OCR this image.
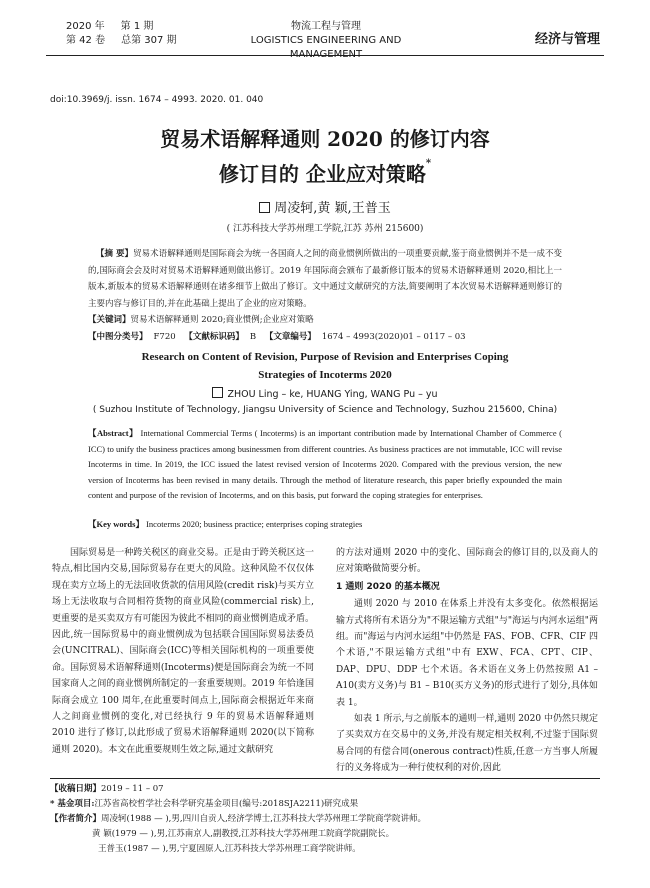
2020 年 第 1 期
第 42 卷 总第 307 期
物流工程与管理
LOGISTICS ENGINEERING AND MANAGEMENT
经济与管理
doi:10.3969/j. issn. 1674 – 4993. 2020. 01. 040
贸易术语解释通则 2020 的修订内容
修订目的 企业应对策略*
周凌轲,黄 颖,王普玉
( 江苏科技大学苏州理工学院,江苏 苏州 215600)
【摘 要】贸易术语解释通则是国际商会为统一各国商人之间的商业惯例所做出的一项重要贡献,鉴于商业惯例并不是一成不变的,国际商会会及时对贸易术语解释通则做出修订。2019 年国际商会颁布了最新修订版本的贸易术语解释通则 2020,相比上一版本,新版本的贸易术语解释通则在诸多细节上做出了修订。文中通过文献研究的方法,简要阐明了本次贸易术语解释通则修订的主要内容与修订目的,并在此基础上提出了企业的应对策略。
【关键词】贸易术语解释通则 2020;商业惯例;企业应对策略
【中图分类号】 F720 【文献标识码】 B 【文章编号】 1674 – 4993(2020)01 – 0117 – 03
Research on Content of Revision, Purpose of Revision and Enterprises Coping
Strategies of Incoterms 2020
ZHOU Ling – ke, HUANG Ying, WANG Pu – yu
( Suzhou Institute of Technology, Jiangsu University of Science and Technology, Suzhou 215600, China)
【Abstract】 International Commercial Terms ( Incoterms) is an important contribution made by International Chamber of Commerce ( ICC) to unify the business practices among businessmen from different countries. As business practices are not immutable, ICC will revise Incoterms in time. In 2019, the ICC issued the latest revised version of Incoterms 2020. Compared with the previous version, the new version of Incoterms has been revised in many details. Through the method of literature research, this paper briefly expounded the main content and purpose of the revision of Incoterms, and on this basis, put forward the coping strategies for enterprises.
【Key words】 Incoterms 2020; business practice; enterprises coping strategies

国际贸易是一种跨关税区的商业交易。正是由于跨关税区这一特点,相比国内交易,国际贸易存在更大的风险。这种风险不仅仅体现在卖方立场上的无法回收货款的信用风险(credit risk)与买方立场上无法收取与合同相符货物的商业风险(commercial risk)上,更重要的是买卖双方有可能因为彼此不相同的商业惯例造成矛盾。因此,统一国际贸易中的商业惯例成为包括联合国国际贸易法委员会(UNCITRAL)、国际商会(ICC)等相关国际机构的一项重要使命。国际贸易术语解释通则(Incoterms)便是国际商会为统一不同国家商人之间的商业惯例所制定的一套重要规则。2019 年恰逢国际商会成立 100 周年,在此重要时间点上,国际商会根据近年来商人之间商业惯例的变化,对已经执行 9 年的贸易术语解释通则 2010 进行了修订,以此形成了贸易术语解释通则 2020(以下简称通则 2020)。本文在此重要规则生效之际,通过文献研究

的方法对通则 2020 中的变化、国际商会的修订目的,以及商人的应对策略做简要分析。

1 通则 2020 的基本概况

通则 2020 与 2010 在体系上并没有太多变化。依然根据运输方式将所有术语分为"不限运输方式组"与"海运与内河水运组"两组。而"海运与内河水运组"中仍然是 FAS、FOB、CFR、CIF 四个术语,"不限运输方式组"中有 EXW、FCA、CPT、CIP、DAP、DPU、DDP 七个术语。各术语在义务上仍然按照 A1 – A10(卖方义务)与 B1 – B10(买方义务)的形式进行了划分,具体如表 1。

如表 1 所示,与之前版本的通则一样,通则 2020 中仍然只规定了买卖双方在交易中的义务,并没有规定相关权利,不过鉴于国际贸易合同的有偿合同(onerous contract)性质,任意一方当事人所履行的义务将成为一种行使权利的对价,因此

【收稿日期】2019 – 11 – 07
* 基金项目:江苏省高校哲学社会科学研究基金项目(编号:2018SJA2211)研究成果
【作者简介】周凌轲(1988 — ),男,四川自贡人,经济学博士,江苏科技大学苏州理工学院商学院讲师。
黄 颖(1979 — ),男,江苏南京人,副教授,江苏科技大学苏州理工院商学院副院长。
王普玉(1987 — ),男,宁夏固原人,江苏科技大学苏州理工商学院讲师。
